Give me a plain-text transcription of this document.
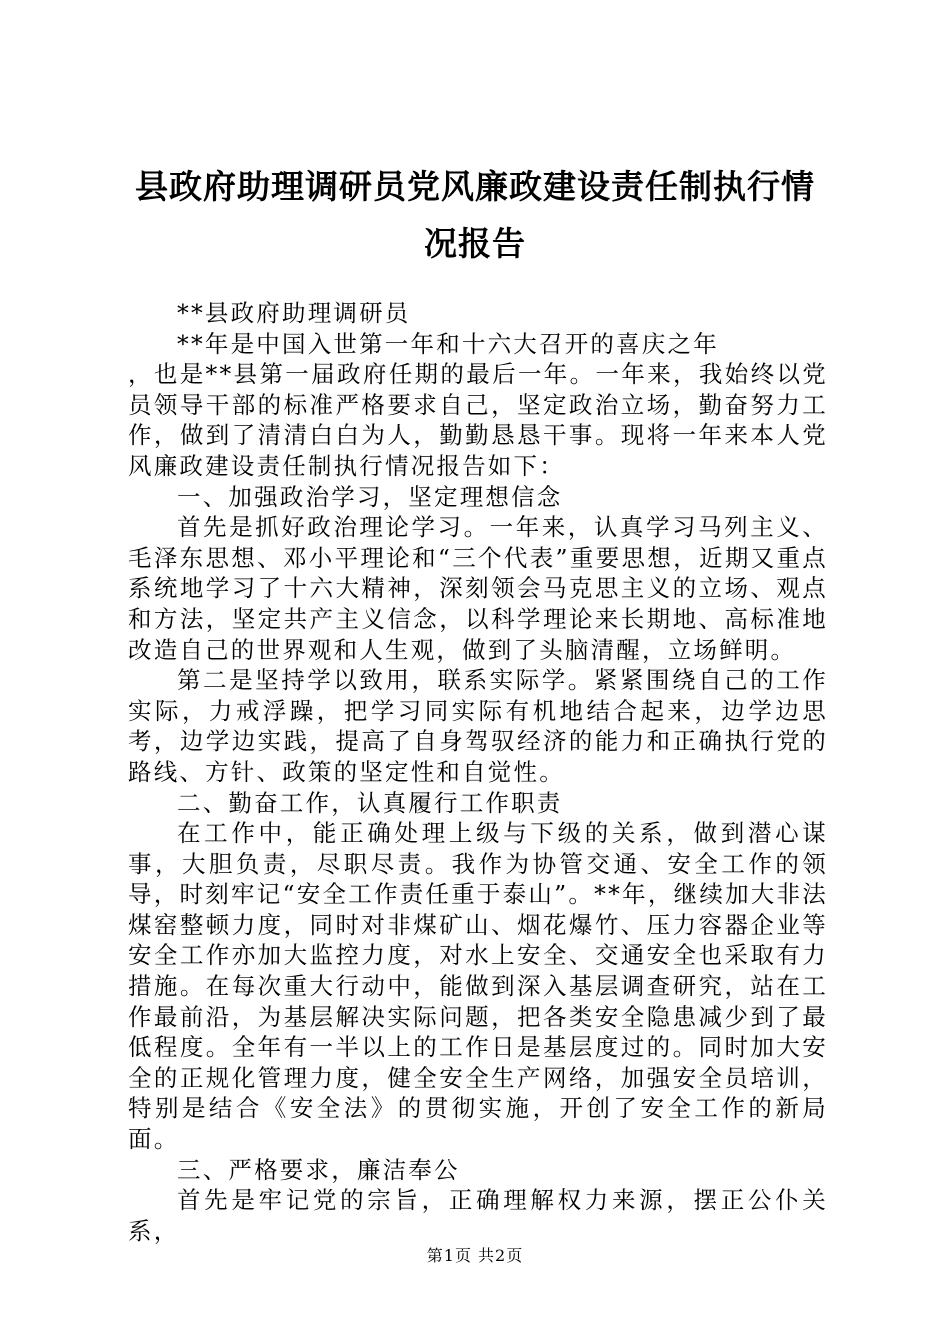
县政府助理调研员党风廉政建设责任制执行情
况报告

**县政府助理调研员

**年是中国入世第一年和十六大召开的喜庆之年

，也是**县第一届政府任期的最后一年。一年来，我始终以党员领导干部的标准严格要求自己，坚定政治立场，勤奋努力工作，做到了清清白白为人，勤勤恳恳干事。现将一年来本人党风廉政建设责任制执行情况报告如下：

一、加强政治学习，坚定理想信念

首先是抓好政治理论学习。一年来，认真学习马列主义、毛泽东思想、邓小平理论和“三个代表”重要思想，近期又重点系统地学习了十六大精神，深刻领会马克思主义的立场、观点和方法，坚定共产主义信念，以科学理论来长期地、高标准地改造自己的世界观和人生观，做到了头脑清醒，立场鲜明。

第二是坚持学以致用，联系实际学。紧紧围绕自己的工作实际，力戒浮躁，把学习同实际有机地结合起来，边学边思考，边学边实践，提高了自身驾驭经济的能力和正确执行党的路线、方针、政策的坚定性和自觉性。

二、勤奋工作，认真履行工作职责

在工作中，能正确处理上级与下级的关系，做到潜心谋事，大胆负责，尽职尽责。我作为协管交通、安全工作的领导，时刻牢记“安全工作责任重于泰山”。**年，继续加大非法煤窑整顿力度，同时对非煤矿山、烟花爆竹、压力容器企业等安全工作亦加大监控力度，对水上安全、交通安全也采取有力措施。在每次重大行动中，能做到深入基层调查研究，站在工作最前沿，为基层解决实际问题，把各类安全隐患减少到了最低程度。全年有一半以上的工作日是基层度过的。同时加大安全的正规化管理力度，健全安全生产网络，加强安全员培训，特别是结合《安全法》的贯彻实施，开创了安全工作的新局面。

三、严格要求，廉洁奉公

首先是牢记党的宗旨，正确理解权力来源，摆正公仆关系，

第1页 共2页
